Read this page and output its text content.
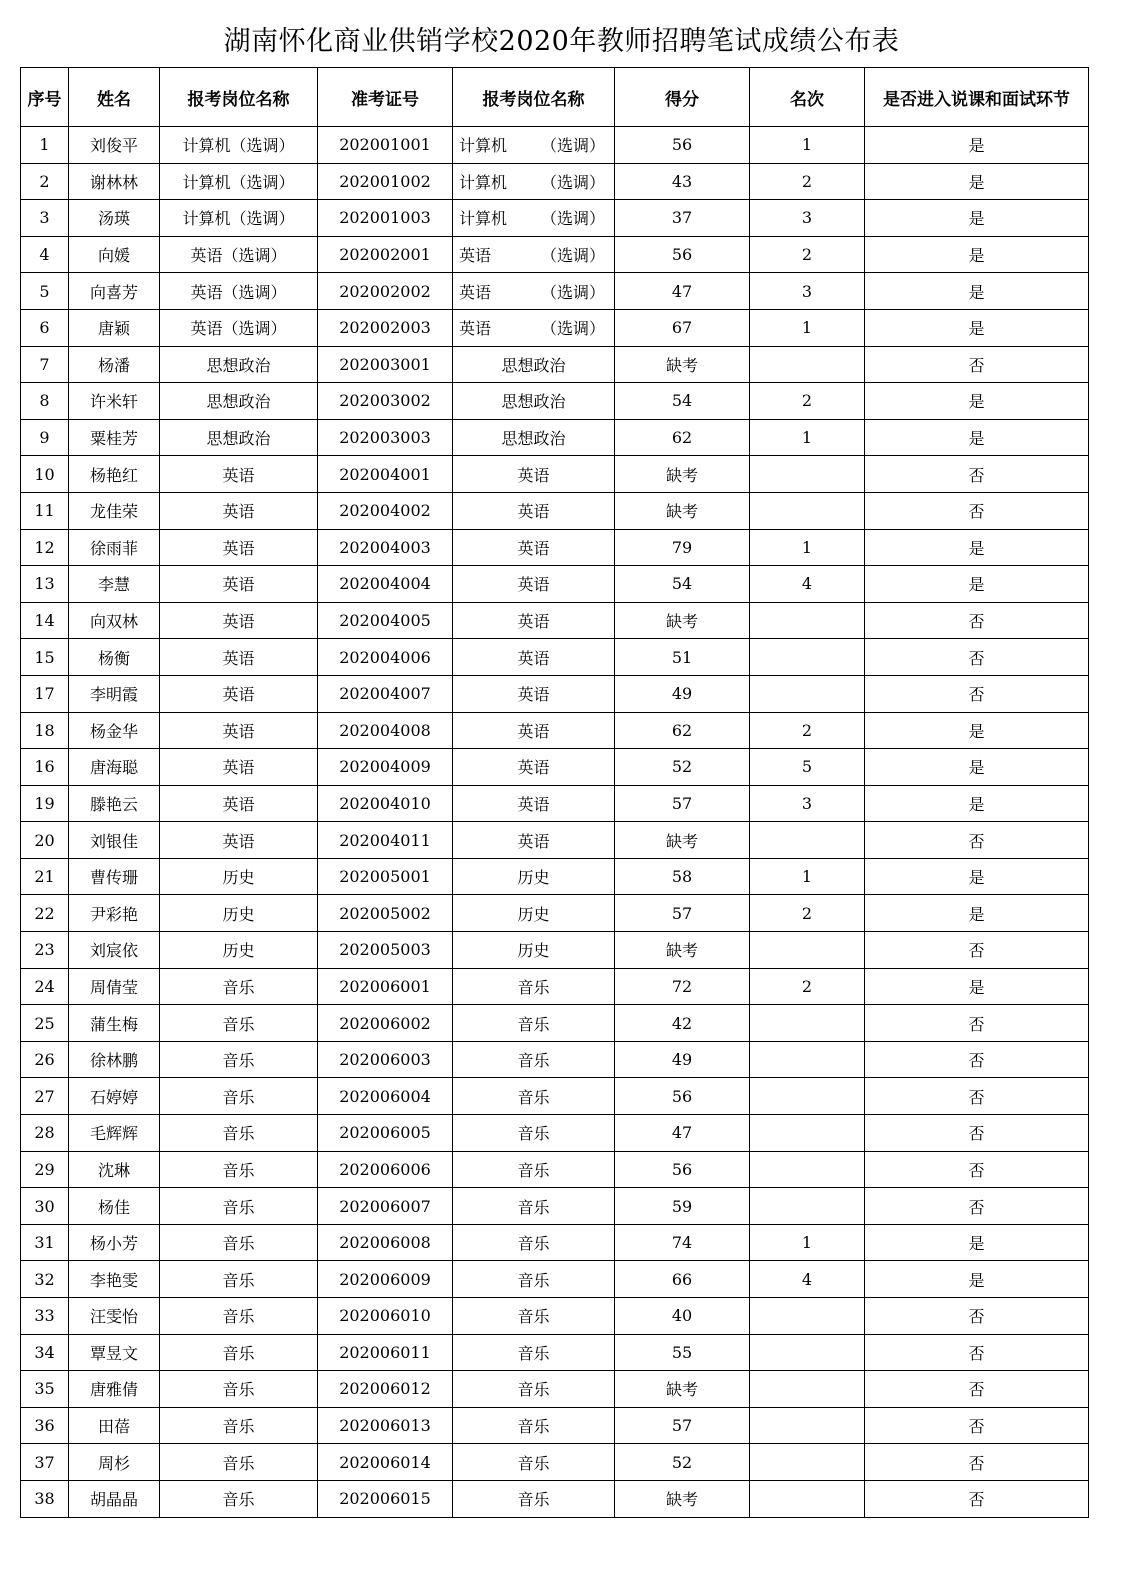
湖南怀化商业供销学校2020年教师招聘笔试成绩公布表
序号	姓名	报考岗位名称	准考证号	报考岗位名称	得分	名次	是否进入说课和面试环节
1	刘俊平	计算机（选调）	202001001	计算机 （选调）	56	1	是
2	谢林林	计算机（选调）	202001002	计算机 （选调）	43	2	是
3	汤瑛	计算机（选调）	202001003	计算机 （选调）	37	3	是
4	向媛	英语（选调）	202002001	英语 （选调）	56	2	是
5	向喜芳	英语（选调）	202002002	英语 （选调）	47	3	是
6	唐颖	英语（选调）	202002003	英语 （选调）	67	1	是
7	杨潘	思想政治	202003001	思想政治	缺考		否
8	许米轩	思想政治	202003002	思想政治	54	2	是
9	粟桂芳	思想政治	202003003	思想政治	62	1	是
10	杨艳红	英语	202004001	英语	缺考		否
11	龙佳荣	英语	202004002	英语	缺考		否
12	徐雨菲	英语	202004003	英语	79	1	是
13	李慧	英语	202004004	英语	54	4	是
14	向双林	英语	202004005	英语	缺考		否
15	杨衡	英语	202004006	英语	51		否
17	李明霞	英语	202004007	英语	49		否
18	杨金华	英语	202004008	英语	62	2	是
16	唐海聪	英语	202004009	英语	52	5	是
19	滕艳云	英语	202004010	英语	57	3	是
20	刘银佳	英语	202004011	英语	缺考		否
21	曹传珊	历史	202005001	历史	58	1	是
22	尹彩艳	历史	202005002	历史	57	2	是
23	刘宸依	历史	202005003	历史	缺考		否
24	周倩莹	音乐	202006001	音乐	72	2	是
25	蒲生梅	音乐	202006002	音乐	42		否
26	徐林鹏	音乐	202006003	音乐	49		否
27	石婷婷	音乐	202006004	音乐	56		否
28	毛辉辉	音乐	202006005	音乐	47		否
29	沈琳	音乐	202006006	音乐	56		否
30	杨佳	音乐	202006007	音乐	59		否
31	杨小芳	音乐	202006008	音乐	74	1	是
32	李艳雯	音乐	202006009	音乐	66	4	是
33	汪雯怡	音乐	202006010	音乐	40		否
34	覃昱文	音乐	202006011	音乐	55		否
35	唐雅倩	音乐	202006012	音乐	缺考		否
36	田蓓	音乐	202006013	音乐	57		否
37	周杉	音乐	202006014	音乐	52		否
38	胡晶晶	音乐	202006015	音乐	缺考		否
